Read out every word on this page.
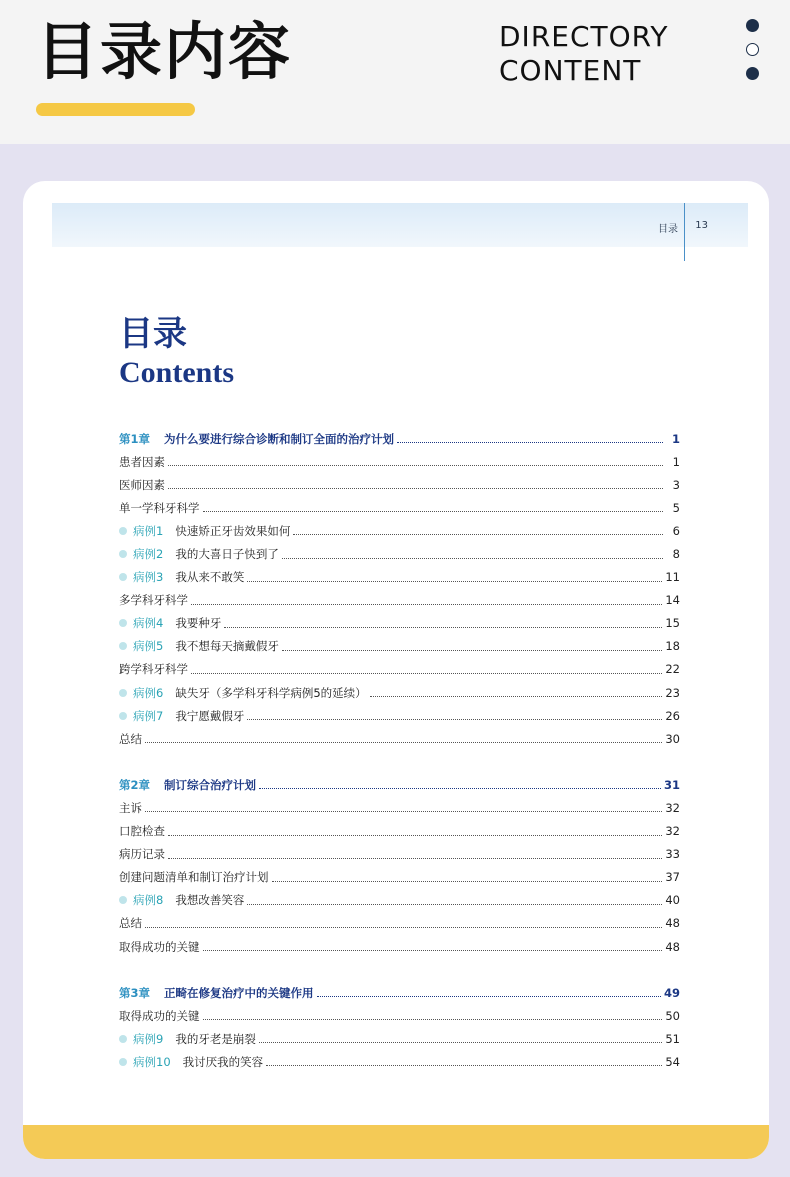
目录内容	DIRECTORY
CONTENT
目录 13
目录
Contents
第1章 为什么要进行综合诊断和制订全面的治疗计划	1
患者因素	1
医师因素	3
单一学科牙科学	5
病例1 快速矫正牙齿效果如何	6
病例2 我的大喜日子快到了	8
病例3 我从来不敢笑	11
多学科牙科学	14
病例4 我要种牙	15
病例5 我不想每天摘戴假牙	18
跨学科牙科学	22
病例6 缺失牙（多学科牙科学病例5的延续）	23
病例7 我宁愿戴假牙	26
总结	30
第2章 制订综合治疗计划	31
主诉	32
口腔检查	32
病历记录	33
创建问题清单和制订治疗计划	37
病例8 我想改善笑容	40
总结	48
取得成功的关键	48
第3章 正畸在修复治疗中的关键作用	49
取得成功的关键	50
病例9 我的牙老是崩裂	51
病例10 我讨厌我的笑容	54
